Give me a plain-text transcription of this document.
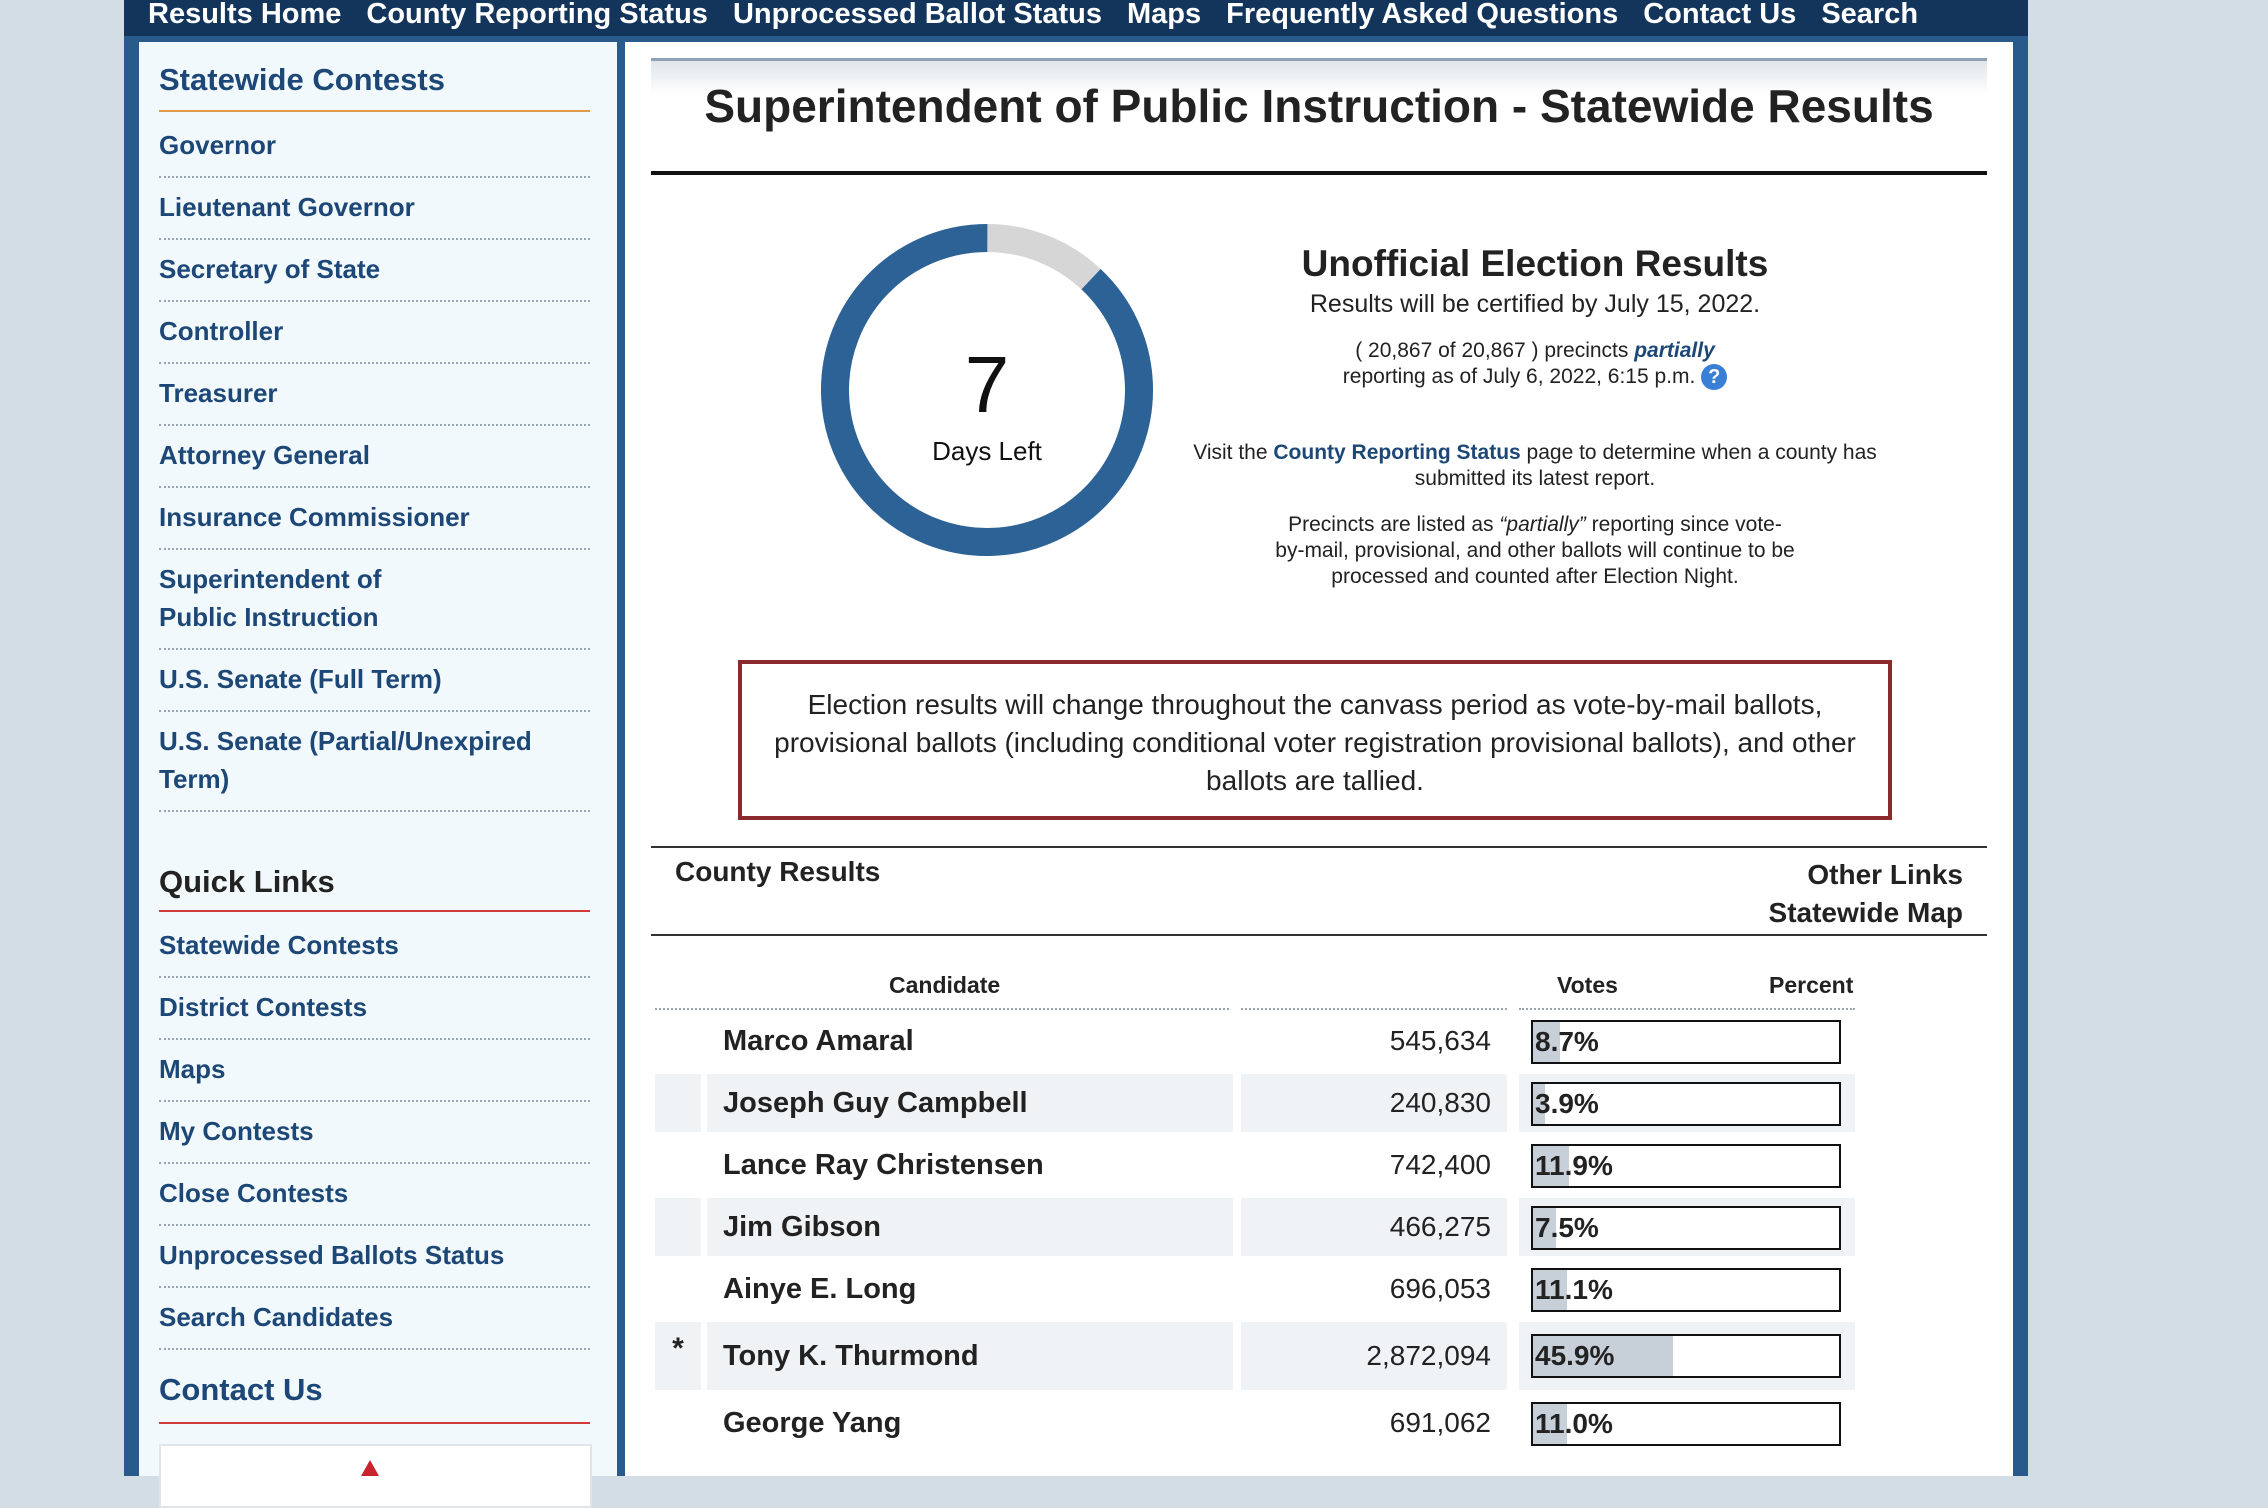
Results Home County Reporting Status Unprocessed Ballot Status Maps Frequently Asked Questions Contact Us Search
Statewide Contests
Governor
Lieutenant Governor
Secretary of State
Controller
Treasurer
Attorney General
Insurance Commissioner
Superintendent of Public Instruction
U.S. Senate (Full Term)
U.S. Senate (Partial/Unexpired Term)
Quick Links
Statewide Contests
District Contests
Maps
My Contests
Close Contests
Unprocessed Ballots Status
Search Candidates
Contact Us
Superintendent of Public Instruction - Statewide Results
7
Days Left
Unofficial Election Results
Results will be certified by July 15, 2022.
( 20,867 of 20,867 ) precincts partially
reporting as of July 6, 2022, 6:15 p.m. ?
Visit the County Reporting Status page to determine when a county has submitted its latest report.
Precincts are listed as “partially” reporting since vote-by-mail, provisional, and other ballots will continue to be processed and counted after Election Night.
Election results will change throughout the canvass period as vote-by-mail ballots, provisional ballots (including conditional voter registration provisional ballots), and other ballots are tallied.
County Results	Other Links
Statewide Map
Candidate	Votes	Percent
Marco Amaral	545,634	8.7%
Joseph Guy Campbell	240,830	3.9%
Lance Ray Christensen	742,400	11.9%
Jim Gibson	466,275	7.5%
Ainye E. Long	696,053	11.1%
*	Tony K. Thurmond	2,872,094	45.9%
George Yang	691,062	11.0%
